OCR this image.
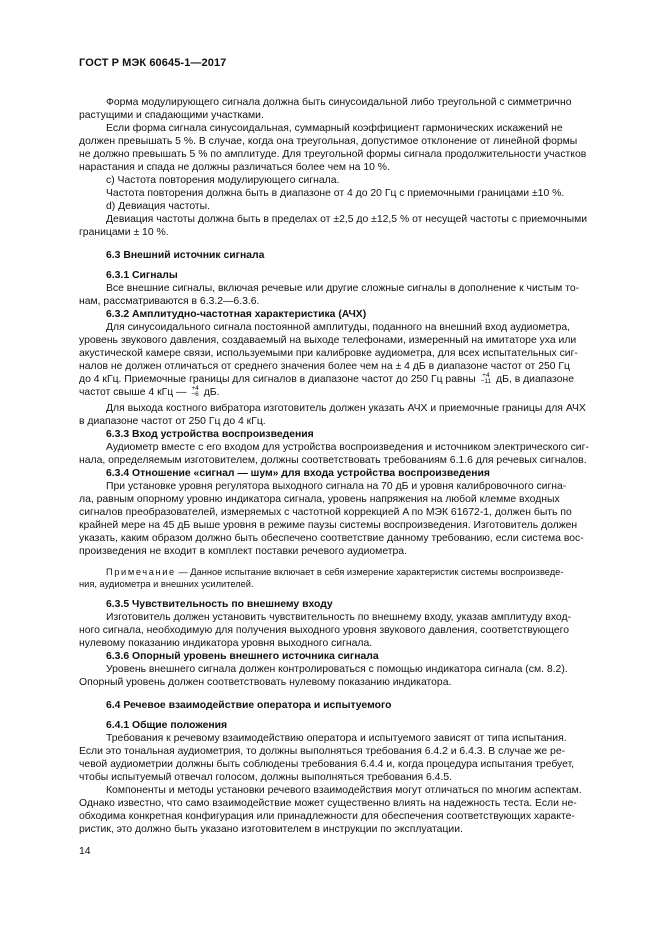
ГОСТ Р МЭК 60645-1—2017
Форма модулирующего сигнала должна быть синусоидальной либо треугольной с симметрично
растущими и спадающими участками.
Если форма сигнала синусоидальная, суммарный коэффициент гармонических искажений не
должен превышать 5 %. В случае, когда она треугольная, допустимое отклонение от линейной формы
не должно превышать 5 % по амплитуде. Для треугольной формы сигнала продолжительности участков
нарастания и спада не должны различаться более чем на 10 %.
с) Частота повторения модулирующего сигнала.
Частота повторения должна быть в диапазоне от 4 до 20 Гц с приемочными границами ±10 %.
d) Девиация частоты.
Девиация частоты должна быть в пределах от ±2,5 до ±12,5 % от несущей частоты с приемочными
границами ± 10 %.
6.3 Внешний источник сигнала
6.3.1 Сигналы
Все внешние сигналы, включая речевые или другие сложные сигналы в дополнение к чистым то-
нам, рассматриваются в 6.3.2—6.3.6.
6.3.2 Амплитудно-частотная характеристика (АЧХ)
Для синусоидального сигнала постоянной амплитуды, поданного на внешний вход аудиометра,
уровень звукового давления, создаваемый на выходе телефонами, измеренный на имитаторе уха или
акустической камере связи, используемыми при калибровке аудиометра, для всех испытательных сиг-
налов не должен отличаться от среднего значения более чем на ± 4 дБ в диапазоне частот от 250 Гц
до 4 кГц. Приемочные границы для сигналов в диапазоне частот до 250 Гц равны +4
−11 дБ, в диапазоне
частот свыше 4 кГц — +4
−6 дБ.
Для выхода костного вибратора изготовитель должен указать АЧХ и приемочные границы для АЧХ
в диапазоне частот от 250 Гц до 4 кГц.
6.3.3 Вход устройства воспроизведения
Аудиометр вместе с его входом для устройства воспроизведения и источником электрического сиг-
нала, определяемым изготовителем, должны соответствовать требованиям 6.1.6 для речевых сигналов.
6.3.4 Отношение «сигнал — шум» для входа устройства воспроизведения
При установке уровня регулятора выходного сигнала на 70 дБ и уровня калибровочного сигна-
ла, равным опорному уровню индикатора сигнала, уровень напряжения на любой клемме входных
сигналов преобразователей, измеряемых с частотной коррекцией A по МЭК 61672-1, должен быть по
крайней мере на 45 дБ выше уровня в режиме паузы системы воспроизведения. Изготовитель должен
указать, каким образом должно быть обеспечено соответствие данному требованию, если система вос-
произведения не входит в комплект поставки речевого аудиометра.
Примечание — Данное испытание включает в себя измерение характеристик системы воспроизведе-
ния, аудиометра и внешних усилителей.
6.3.5 Чувствительность по внешнему входу
Изготовитель должен установить чувствительность по внешнему входу, указав амплитуду вход-
ного сигнала, необходимую для получения выходного уровня звукового давления, соответствующего
нулевому показанию индикатора уровня выходного сигнала.
6.3.6 Опорный уровень внешнего источника сигнала
Уровень внешнего сигнала должен контролироваться с помощью индикатора сигнала (см. 8.2).
Опорный уровень должен соответствовать нулевому показанию индикатора.
6.4 Речевое взаимодействие оператора и испытуемого
6.4.1 Общие положения
Требования к речевому взаимодействию оператора и испытуемого зависят от типа испытания.
Если это тональная аудиометрия, то должны выполняться требования 6.4.2 и 6.4.3. В случае же ре-
чевой аудиометрии должны быть соблюдены требования 6.4.4 и, когда процедура испытания требует,
чтобы испытуемый отвечал голосом, должны выполняться требования 6.4.5.
Компоненты и методы установки речевого взаимодействия могут отличаться по многим аспектам.
Однако известно, что само взаимодействие может существенно влиять на надежность теста. Если не-
обходима конкретная конфигурация или принадлежности для обеспечения соответствующих характе-
ристик, это должно быть указано изготовителем в инструкции по эксплуатации.
14
